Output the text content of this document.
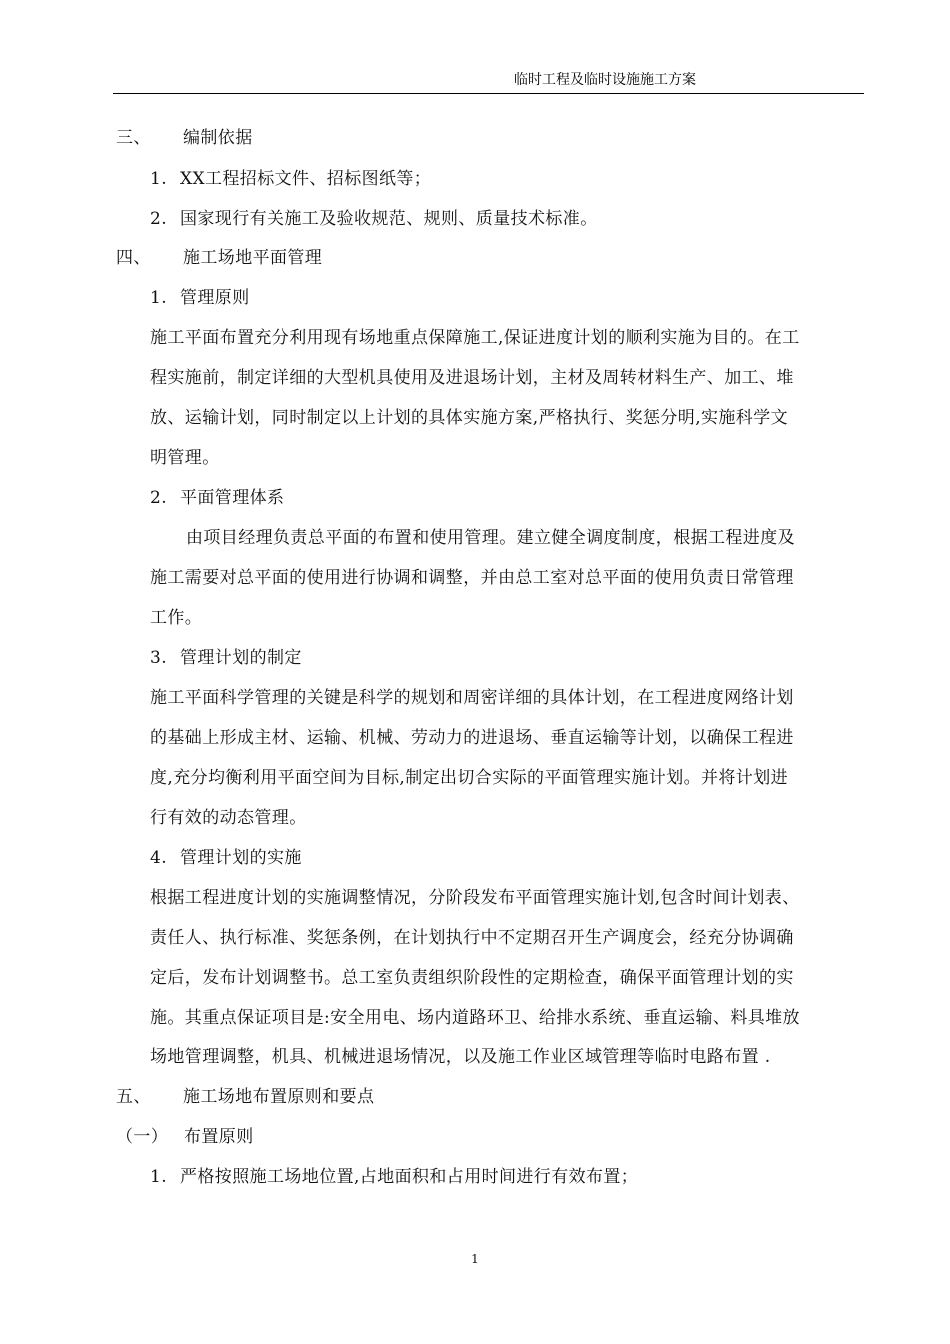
临时工程及临时设施施工方案
三、 编制依据
1. XX工程招标文件、招标图纸等；
2. 国家现行有关施工及验收规范、规则、质量技术标准。
四、 施工场地平面管理
1. 管理原则
施工平面布置充分利用现有场地重点保障施工,保证进度计划的顺利实施为目的。在工
程实施前，制定详细的大型机具使用及进退场计划，主材及周转材料生产、加工、堆
放、运输计划，同时制定以上计划的具体实施方案,严格执行、奖惩分明,实施科学文
明管理。
2. 平面管理体系
由项目经理负责总平面的布置和使用管理。建立健全调度制度，根据工程进度及
施工需要对总平面的使用进行协调和调整，并由总工室对总平面的使用负责日常管理
工作。
3. 管理计划的制定
施工平面科学管理的关键是科学的规划和周密详细的具体计划，在工程进度网络计划
的基础上形成主材、运输、机械、劳动力的进退场、垂直运输等计划，以确保工程进
度,充分均衡利用平面空间为目标,制定出切合实际的平面管理实施计划。并将计划进
行有效的动态管理。
4. 管理计划的实施
根据工程进度计划的实施调整情况，分阶段发布平面管理实施计划,包含时间计划表、
责任人、执行标准、奖惩条例，在计划执行中不定期召开生产调度会，经充分协调确
定后，发布计划调整书。总工室负责组织阶段性的定期检查，确保平面管理计划的实
施。其重点保证项目是:安全用电、场内道路环卫、给排水系统、垂直运输、料具堆放
场地管理调整，机具、机械进退场情况，以及施工作业区域管理等临时电路布置 .
五、 施工场地布置原则和要点
（一） 布置原则
1. 严格按照施工场地位置,占地面积和占用时间进行有效布置；
1
